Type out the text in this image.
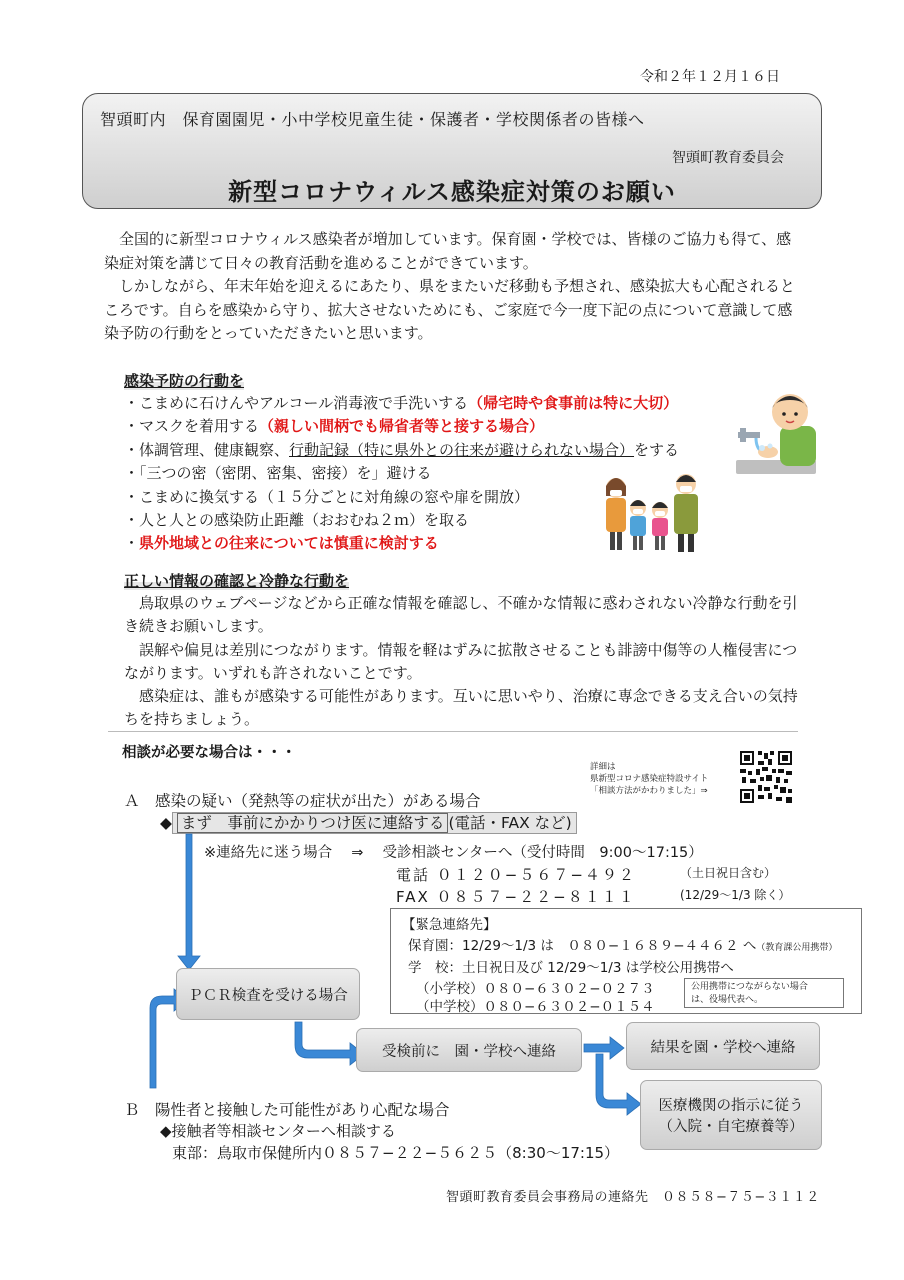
令和２年１２月１６日
智頭町内　保育園園児・小中学校児童生徒・保護者・学校関係者の皆様へ
智頭町教育委員会
新型コロナウィルス感染症対策のお願い

全国的に新型コロナウィルス感染者が増加しています。保育園・学校では、皆様のご協力も得て、感染症対策を講じて日々の教育活動を進めることができています。

しかしながら、年末年始を迎えるにあたり、県をまたいだ移動も予想され、感染拡大も心配されるところです。自らを感染から守り、拡大させないためにも、ご家庭で今一度下記の点について意識して感染予防の行動をとっていただきたいと思います。

感染予防の行動を
・こまめに石けんやアルコール消毒液で手洗いする（帰宅時や食事前は特に大切）
・マスクを着用する（親しい間柄でも帰省者等と接する場合）
・体調管理、健康観察、行動記録（特に県外との往来が避けられない場合）をする
・「三つの密（密閉、密集、密接）を」避ける
・こまめに換気する（１５分ごとに対角線の窓や扉を開放）
・人と人との感染防止距離（おおむね２ｍ）を取る
・県外地域との往来については慎重に検討する
正しい情報の確認と冷静な行動を

鳥取県のウェブページなどから正確な情報を確認し、不確かな情報に惑わされない冷静な行動を引き続きお願いします。

誤解や偏見は差別につながります。情報を軽はずみに拡散させることも誹謗中傷等の人権侵害につながります。いずれも許されないことです。

感染症は、誰もが感染する可能性があります。互いに思いやり、治療に専念できる支え合いの気持ちを持ちましょう。

相談が必要な場合は・・・
詳細は
県新型コロナ感染症特設サイト
「相談方法がかわりました」⇒
Ａ　感染の疑い（発熱等の症状が出た）がある場合
◆ まず　事前にかかりつけ医に連絡する (電話・FAX など)
※連絡先に迷う場合　 ⇒　 受診相談センターへ（受付時間　9:00～17:15）
電話 ０１２０−５６７−４９２	（土日祝日含む）
FAX ０８５７−２２−８１１１	(12/29～1/3 除く）
【緊急連絡先】
保育園：12/29～1/3 は　０８０−１６８９−４４６２ へ（教育課公用携帯）
学　校：土日祝日及び 12/29～1/3 は学校公用携帯へ
（小学校）０８０−６３０２−０２７３
（中学校）０８０−６３０２−０１５４
公用携帯につながらない場合
は、役場代表へ。
ＰＣＲ検査を受ける場合
受検前に　園・学校へ連絡	結果を園・学校へ連絡
医療機関の指示に従う
（入院・自宅療養等）
Ｂ　陽性者と接触した可能性があり心配な場合
◆接触者等相談センターへ相談する
東部：鳥取市保健所内０８５７−２２−５６２５（8:30～17:15）
智頭町教育委員会事務局の連絡先　０８５８−７５−３１１２
